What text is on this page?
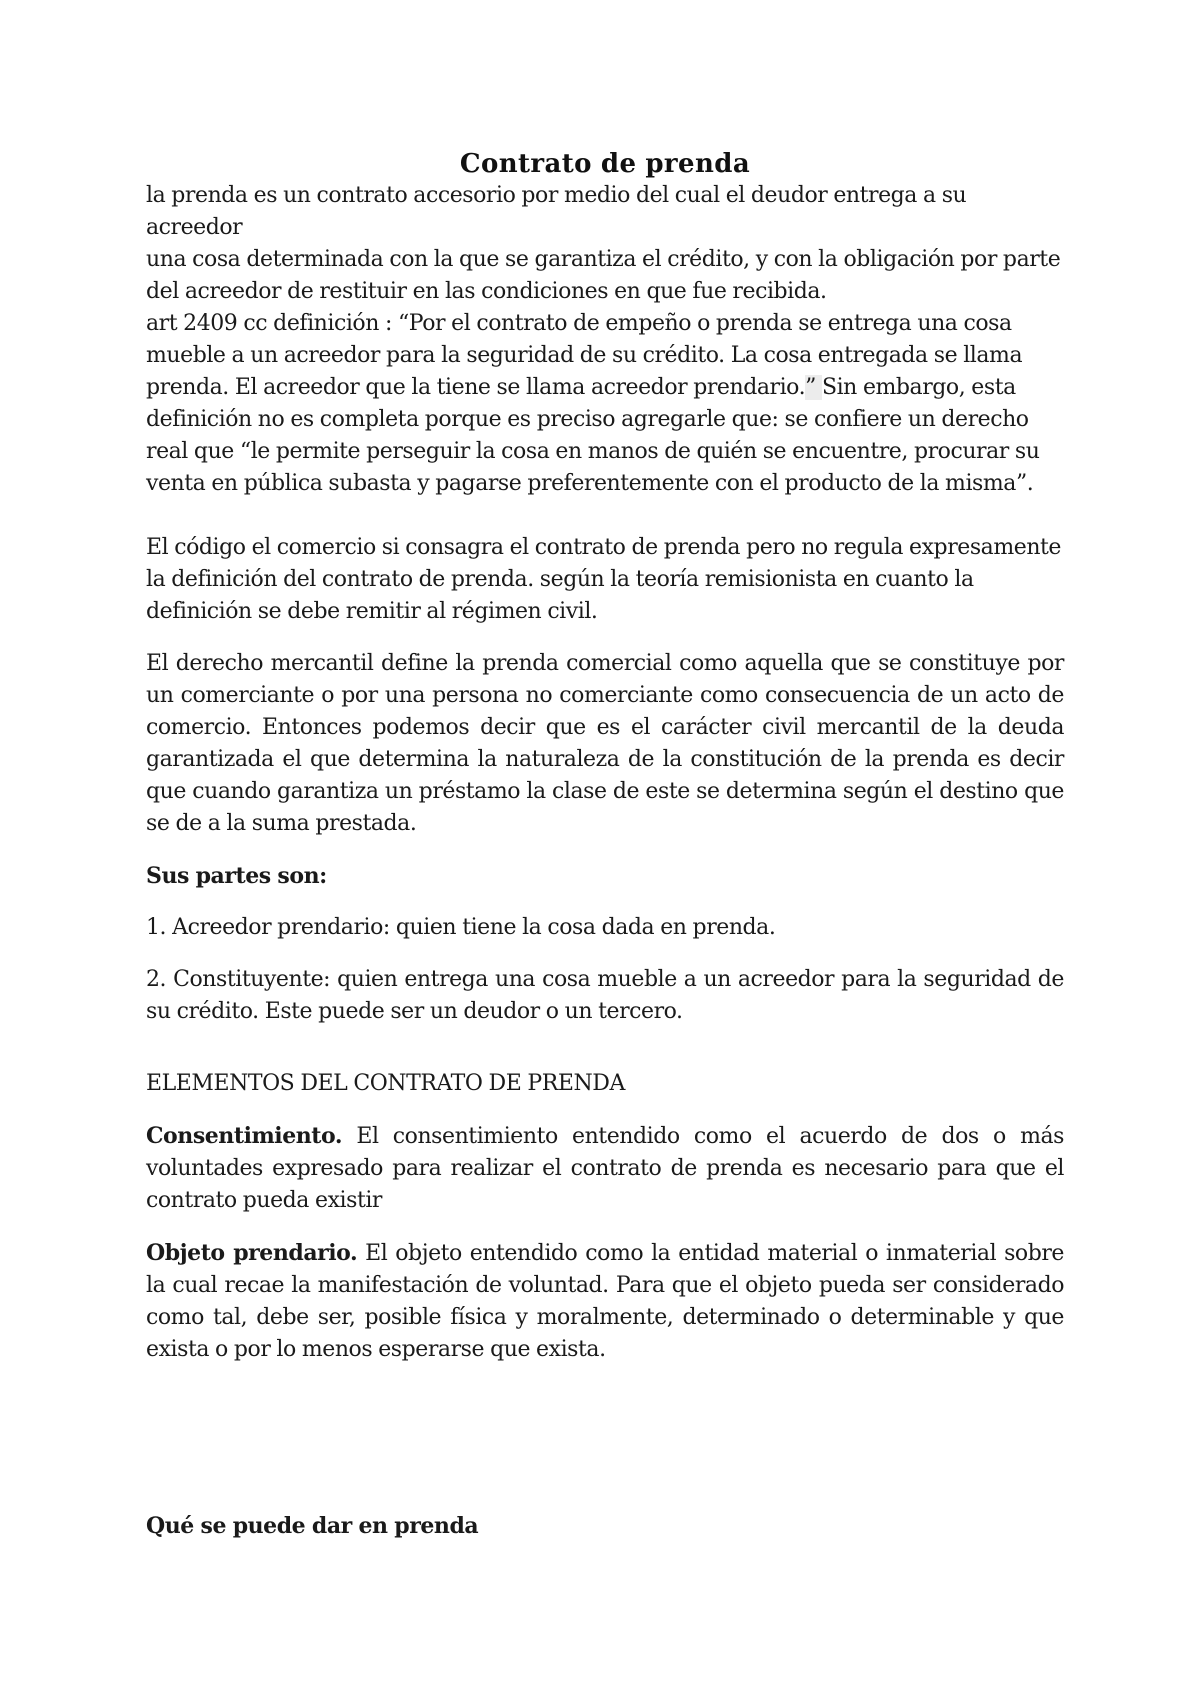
Contrato de prenda

la prenda es un contrato accesorio por medio del cual el deudor entrega a su acreedor
una cosa determinada con la que se garantiza el crédito, y con la obligación por parte
del acreedor de restituir en las condiciones en que fue recibida.
art 2409 cc definición : “Por el contrato de empeño o prenda se entrega una cosa
mueble a un acreedor para la seguridad de su crédito. La cosa entregada se llama
prenda. El acreedor que la tiene se llama acreedor prendario.” Sin embargo, esta
definición no es completa porque es preciso agregarle que: se confiere un derecho
real que “le permite perseguir la cosa en manos de quién se encuentre, procurar su
venta en pública subasta y pagarse preferentemente con el producto de la misma”.

El código el comercio si consagra el contrato de prenda pero no regula expresamente
la definición del contrato de prenda. según la teoría remisionista en cuanto la
definición se debe remitir al régimen civil.

El derecho mercantil define la prenda comercial como aquella que se constituye por un comerciante o por una persona no comerciante como consecuencia de un acto de comercio. Entonces podemos decir que es el carácter civil mercantil de la deuda garantizada el que determina la naturaleza de la constitución de la prenda es decir que cuando garantiza un préstamo la clase de este se determina según el destino que se de a la suma prestada.

Sus partes son:

1. Acreedor prendario: quien tiene la cosa dada en prenda.

2. Constituyente: quien entrega una cosa mueble a un acreedor para la seguridad de su crédito. Este puede ser un deudor o un tercero.

ELEMENTOS DEL CONTRATO DE PRENDA

Consentimiento. El consentimiento entendido como el acuerdo de dos o más voluntades expresado para realizar el contrato de prenda es necesario para que el contrato pueda existir

Objeto prendario. El objeto entendido como la entidad material o inmaterial sobre la cual recae la manifestación de voluntad. Para que el objeto pueda ser considerado como tal, debe ser, posible física y moralmente, determinado o determinable y que exista o por lo menos esperarse que exista.

Qué se puede dar en prenda
